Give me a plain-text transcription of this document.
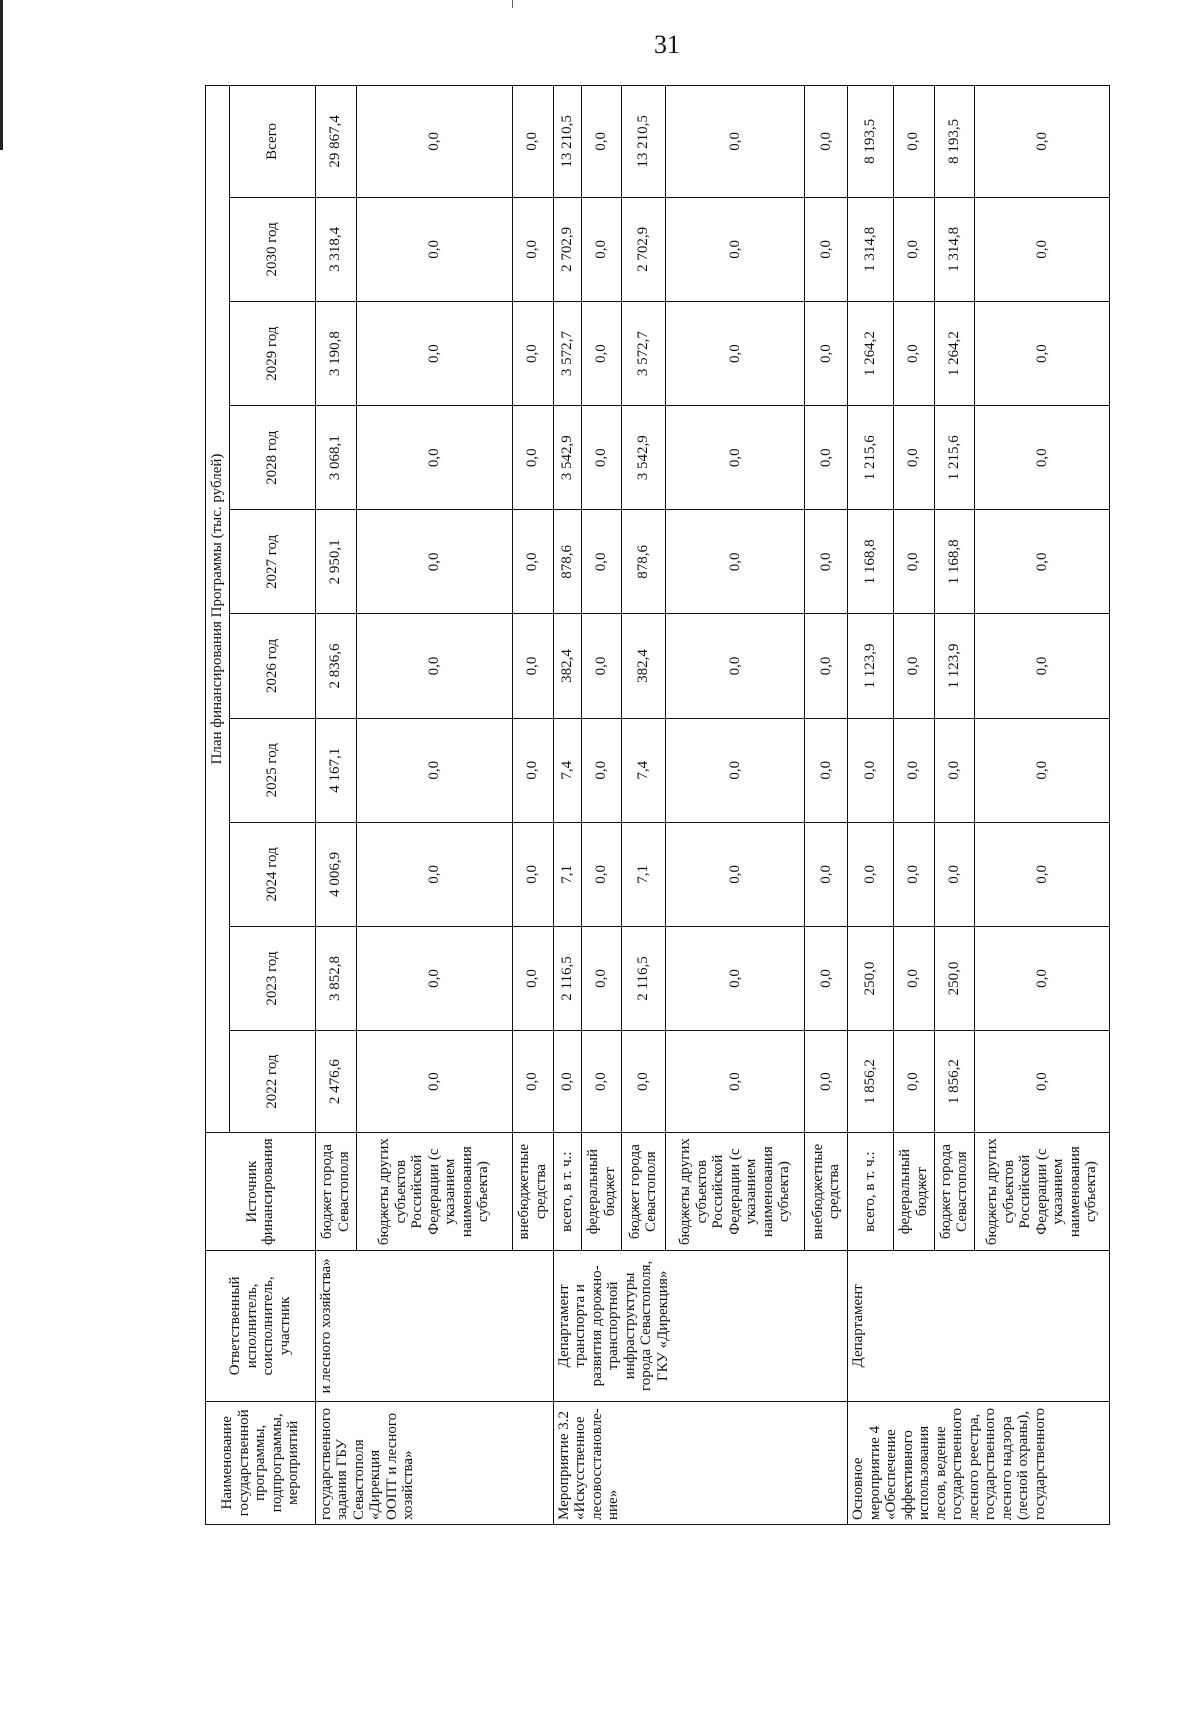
31
Наименование государственной программы, подпрограммы, мероприятий	Ответственный исполнитель, соисполнитель, участник	Источник финансирования	План финансирования Программы (тыс. рублей)									
			2022 год	2023 год	2024 год	2025 год	2026 год	2027 год	2028 год	2029 год	2030 год	Всего
государственного задания ГБУ Севастополя «Дирекция ООПТ и лесного хозяйства»	и лесного хозяйства»	бюджет города Севастополя	2 476,6	3 852,8	4 006,9	4 167,1	2 836,6	2 950,1	3 068,1	3 190,8	3 318,4	29 867,4
		бюджеты других субъектов Российской Федерации (с указанием наименования субъекта)	0,0	0,0	0,0	0,0	0,0	0,0	0,0	0,0	0,0	0,0
		внебюджетные средства	0,0	0,0	0,0	0,0	0,0	0,0	0,0	0,0	0,0	0,0
Мероприятие 3.2 «Искусственное лесовосстановле-ние»	Департамент транспорта и развития дорожно-транспортной инфраструктуры города Севастополя, ГКУ «Дирекция»	всего, в т. ч.:	0,0	2 116,5	7,1	7,4	382,4	878,6	3 542,9	3 572,7	2 702,9	13 210,5
		федеральный бюджет	0,0	0,0	0,0	0,0	0,0	0,0	0,0	0,0	0,0	0,0
		бюджет города Севастополя	0,0	2 116,5	7,1	7,4	382,4	878,6	3 542,9	3 572,7	2 702,9	13 210,5
		бюджеты других субъектов Российской Федерации (с указанием наименования субъекта)	0,0	0,0	0,0	0,0	0,0	0,0	0,0	0,0	0,0	0,0
		внебюджетные средства	0,0	0,0	0,0	0,0	0,0	0,0	0,0	0,0	0,0	0,0
Основное мероприятие 4 «Обеспечение эффективного использования лесов, ведение государственного лесного реестра, государственного лесного надзора (лесной охраны), государственного	Департамент	всего, в т. ч.:	1 856,2	250,0	0,0	0,0	1 123,9	1 168,8	1 215,6	1 264,2	1 314,8	8 193,5
		федеральный бюджет	0,0	0,0	0,0	0,0	0,0	0,0	0,0	0,0	0,0	0,0
		бюджет города Севастополя	1 856,2	250,0	0,0	0,0	1 123,9	1 168,8	1 215,6	1 264,2	1 314,8	8 193,5
		бюджеты других субъектов Российской Федерации (с указанием наименования субъекта)	0,0	0,0	0,0	0,0	0,0	0,0	0,0	0,0	0,0	0,0
